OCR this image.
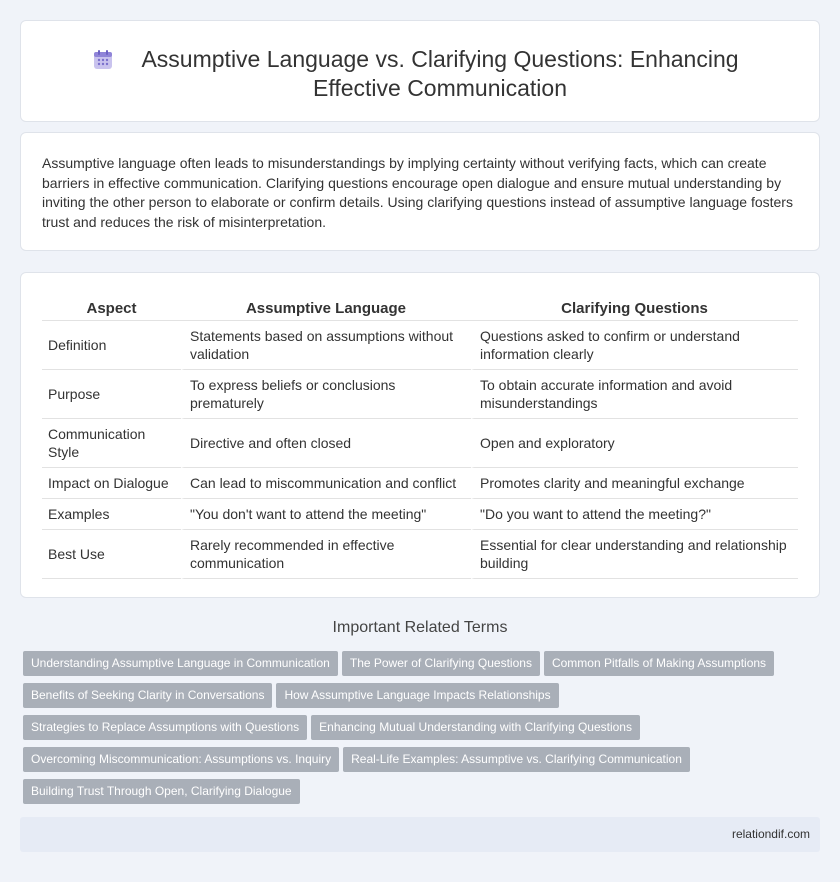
Assumptive Language vs. Clarifying Questions: Enhancing Effective Communication

Assumptive language often leads to misunderstandings by implying certainty without verifying facts, which can create barriers in effective communication. Clarifying questions encourage open dialogue and ensure mutual understanding by inviting the other person to elaborate or confirm details. Using clarifying questions instead of assumptive language fosters trust and reduces the risk of misinterpretation.

Aspect	Assumptive Language	Clarifying Questions
Definition	Statements based on assumptions without validation	Questions asked to confirm or understand information clearly
Purpose	To express beliefs or conclusions prematurely	To obtain accurate information and avoid misunderstandings
Communication Style	Directive and often closed	Open and exploratory
Impact on Dialogue	Can lead to miscommunication and conflict	Promotes clarity and meaningful exchange
Examples	"You don't want to attend the meeting"	"Do you want to attend the meeting?"
Best Use	Rarely recommended in effective communication	Essential for clear understanding and relationship building
Important Related Terms
Understanding Assumptive Language in Communication The Power of Clarifying Questions Common Pitfalls of Making Assumptions
Benefits of Seeking Clarity in Conversations How Assumptive Language Impacts Relationships
Strategies to Replace Assumptions with Questions Enhancing Mutual Understanding with Clarifying Questions
Overcoming Miscommunication: Assumptions vs. Inquiry Real-Life Examples: Assumptive vs. Clarifying Communication
Building Trust Through Open, Clarifying Dialogue
relationdif.com
